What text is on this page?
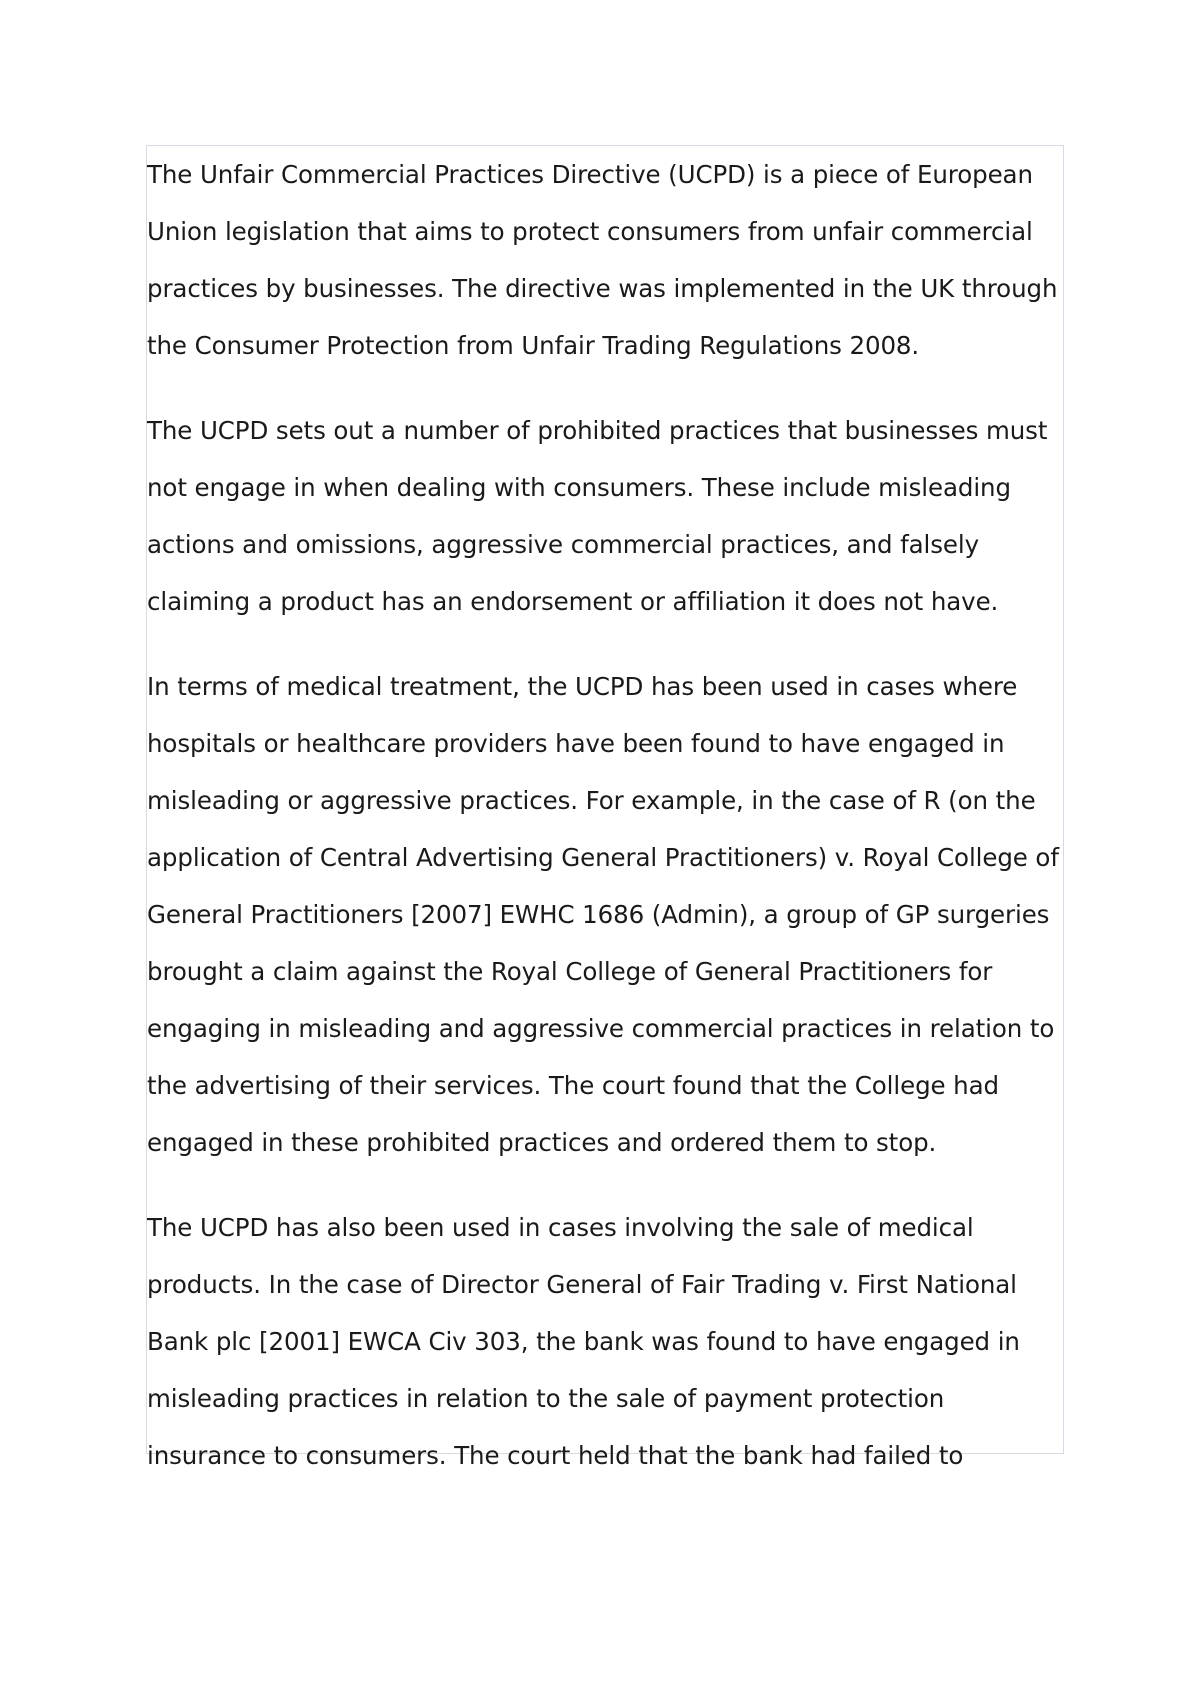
The Unfair Commercial Practices Directive (UCPD) is a piece of European
Union legislation that aims to protect consumers from unfair commercial
practices by businesses. The directive was implemented in the UK through
the Consumer Protection from Unfair Trading Regulations 2008.

The UCPD sets out a number of prohibited practices that businesses must
not engage in when dealing with consumers. These include misleading
actions and omissions, aggressive commercial practices, and falsely
claiming a product has an endorsement or affiliation it does not have.

In terms of medical treatment, the UCPD has been used in cases where
hospitals or healthcare providers have been found to have engaged in
misleading or aggressive practices. For example, in the case of R (on the
application of Central Advertising General Practitioners) v. Royal College of
General Practitioners [2007] EWHC 1686 (Admin), a group of GP surgeries
brought a claim against the Royal College of General Practitioners for
engaging in misleading and aggressive commercial practices in relation to
the advertising of their services. The court found that the College had
engaged in these prohibited practices and ordered them to stop.

The UCPD has also been used in cases involving the sale of medical
products. In the case of Director General of Fair Trading v. First National
Bank plc [2001] EWCA Civ 303, the bank was found to have engaged in
misleading practices in relation to the sale of payment protection
insurance to consumers. The court held that the bank had failed to
